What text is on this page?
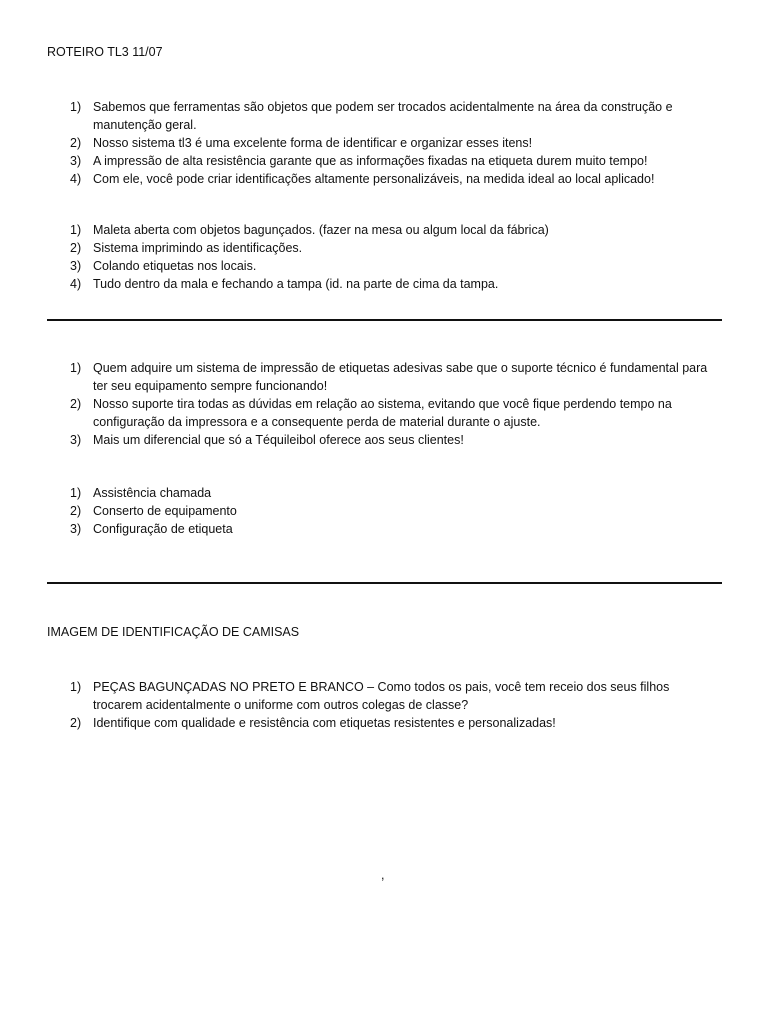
ROTEIRO TL3 11/07
1) Sabemos que ferramentas são objetos que podem ser trocados acidentalmente na área da construção e manutenção geral.
2) Nosso sistema tl3 é uma excelente forma de identificar e organizar esses itens!
3) A impressão de alta resistência garante que as informações fixadas na etiqueta durem muito tempo!
4) Com ele, você pode criar identificações altamente personalizáveis, na medida ideal ao local aplicado!
1) Maleta aberta com objetos bagunçados. (fazer na mesa ou algum local da fábrica)
2) Sistema imprimindo as identificações.
3) Colando etiquetas nos locais.
4) Tudo dentro da mala e fechando a tampa (id. na parte de cima da tampa.
1) Quem adquire um sistema de impressão de etiquetas adesivas sabe que o suporte técnico é fundamental para ter seu equipamento sempre funcionando!
2) Nosso suporte tira todas as dúvidas em relação ao sistema, evitando que você fique perdendo tempo na configuração da impressora e a consequente perda de material durante o ajuste.
3) Mais um diferencial que só a Téquileibol oferece aos seus clientes!
1) Assistência chamada
2) Conserto de equipamento
3) Configuração de etiqueta
IMAGEM DE IDENTIFICAÇÃO DE CAMISAS
1) PEÇAS BAGUNÇADAS NO PRETO E BRANCO – Como todos os pais, você tem receio dos seus filhos trocarem acidentalmente o uniforme com outros colegas de classe?
2) Identifique com qualidade e resistência com etiquetas resistentes e personalizadas!
,
